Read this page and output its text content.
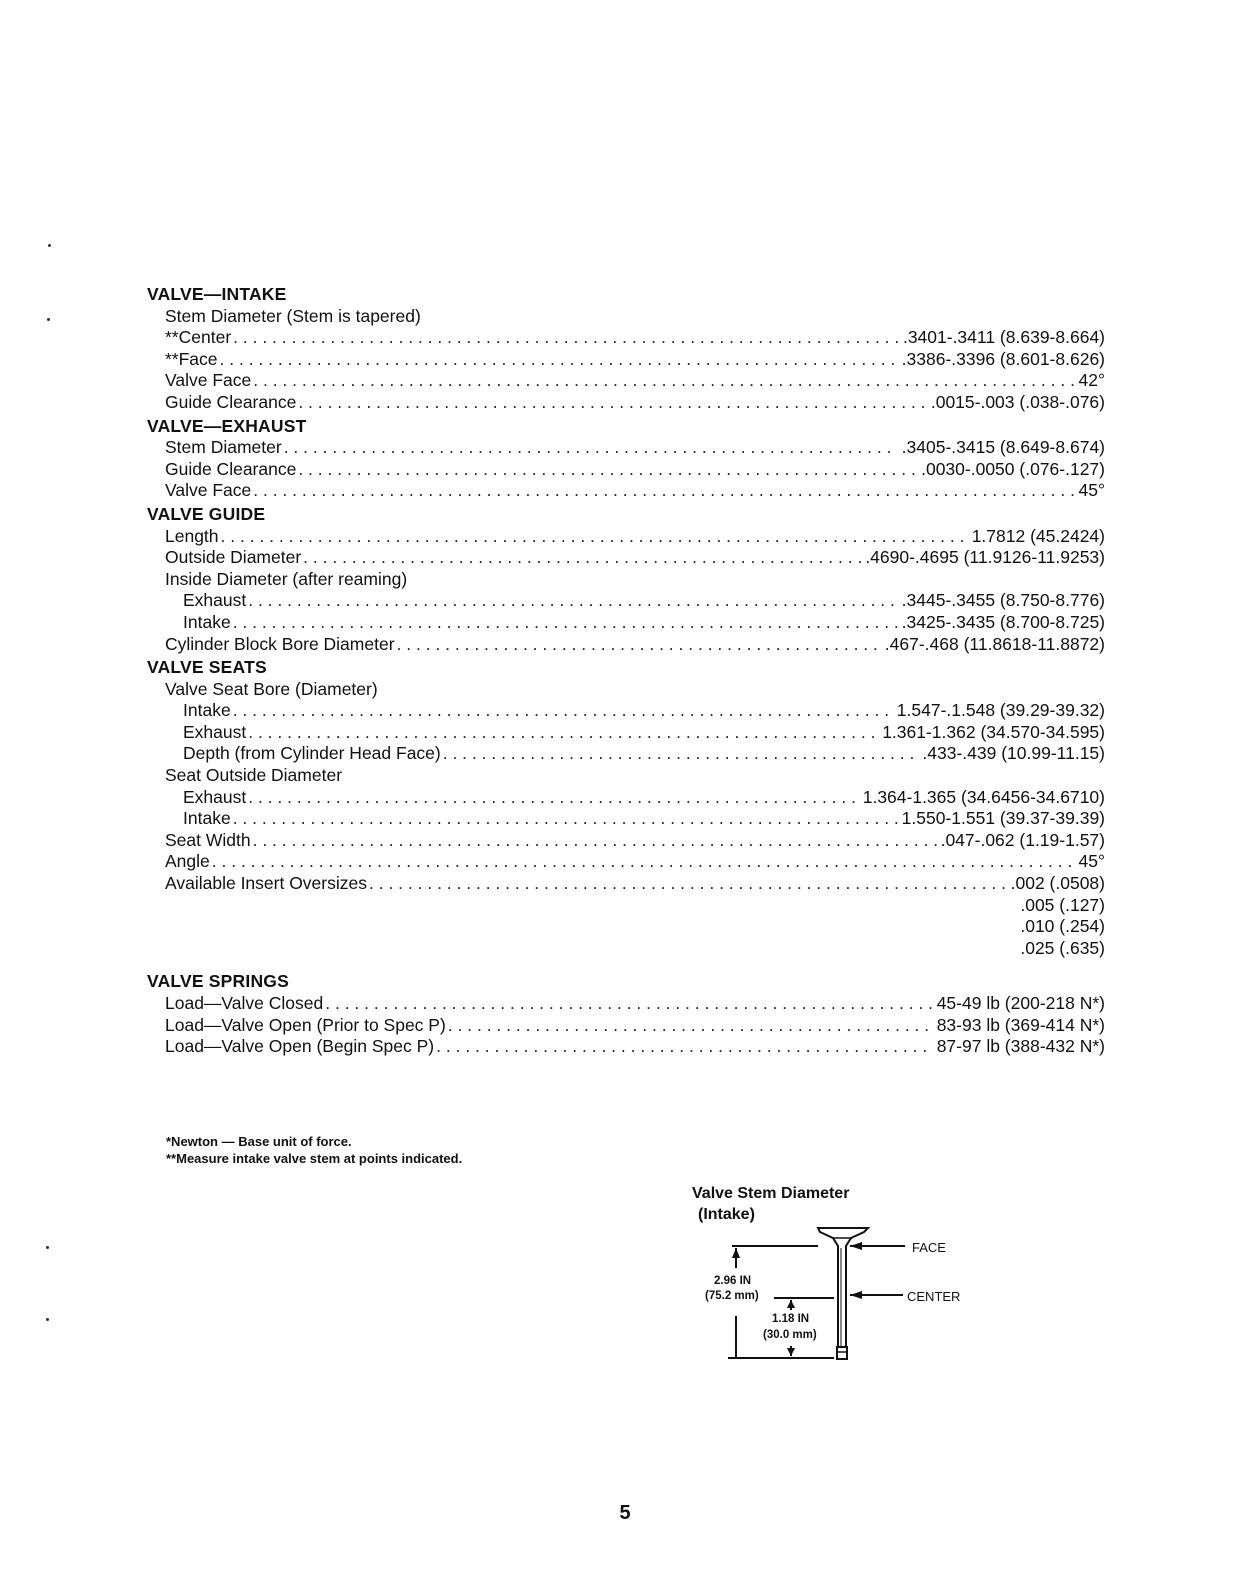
VALVE—INTAKE
Stem Diameter (Stem is tapered)
**Center . . .	.3401-.3411 (8.639-8.664)
**Face . . .	.3386-.3396 (8.601-8.626)
Valve Face . . .	42°
Guide Clearance . . .	.0015-.003 (.038-.076)
VALVE—EXHAUST
Stem Diameter . . .	.3405-.3415 (8.649-8.674)
Guide Clearance . . .	.0030-.0050 (.076-.127)
Valve Face . . .	45°
VALVE GUIDE
Length . . .	1.7812 (45.2424)
Outside Diameter . . .	.4690-.4695 (11.9126-11.9253)
Inside Diameter (after reaming)
Exhaust . . .	.3445-.3455 (8.750-8.776)
Intake . . .	.3425-.3435 (8.700-8.725)
Cylinder Block Bore Diameter . . .	.467-.468 (11.8618-11.8872)
VALVE SEATS
Valve Seat Bore (Diameter)
Intake . . .	1.547-.1.548 (39.29-39.32)
Exhaust . . .	1.361-1.362 (34.570-34.595)
Depth (from Cylinder Head Face) . . .	.433-.439 (10.99-11.15)
Seat Outside Diameter
Exhaust . . .	1.364-1.365 (34.6456-34.6710)
Intake . . .	1.550-1.551 (39.37-39.39)
Seat Width . . .	.047-.062 (1.19-1.57)
Angle . . .	45°
Available Insert Oversizes . . .	.002 (.0508)
.005 (.127)
.010 (.254)
.025 (.635)
VALVE SPRINGS
Load—Valve Closed . . .	45-49 lb (200-218 N*)
Load—Valve Open (Prior to Spec P) . . .	83-93 lb (369-414 N*)
Load—Valve Open (Begin Spec P) . . .	87-97 lb (388-432 N*)
*Newton — Base unit of force.
**Measure intake valve stem at points indicated.
Valve Stem Diameter
(Intake)
FACE
CENTER
2.96 IN
(75.2 mm)
1.18 IN
(30.0 mm)
5
